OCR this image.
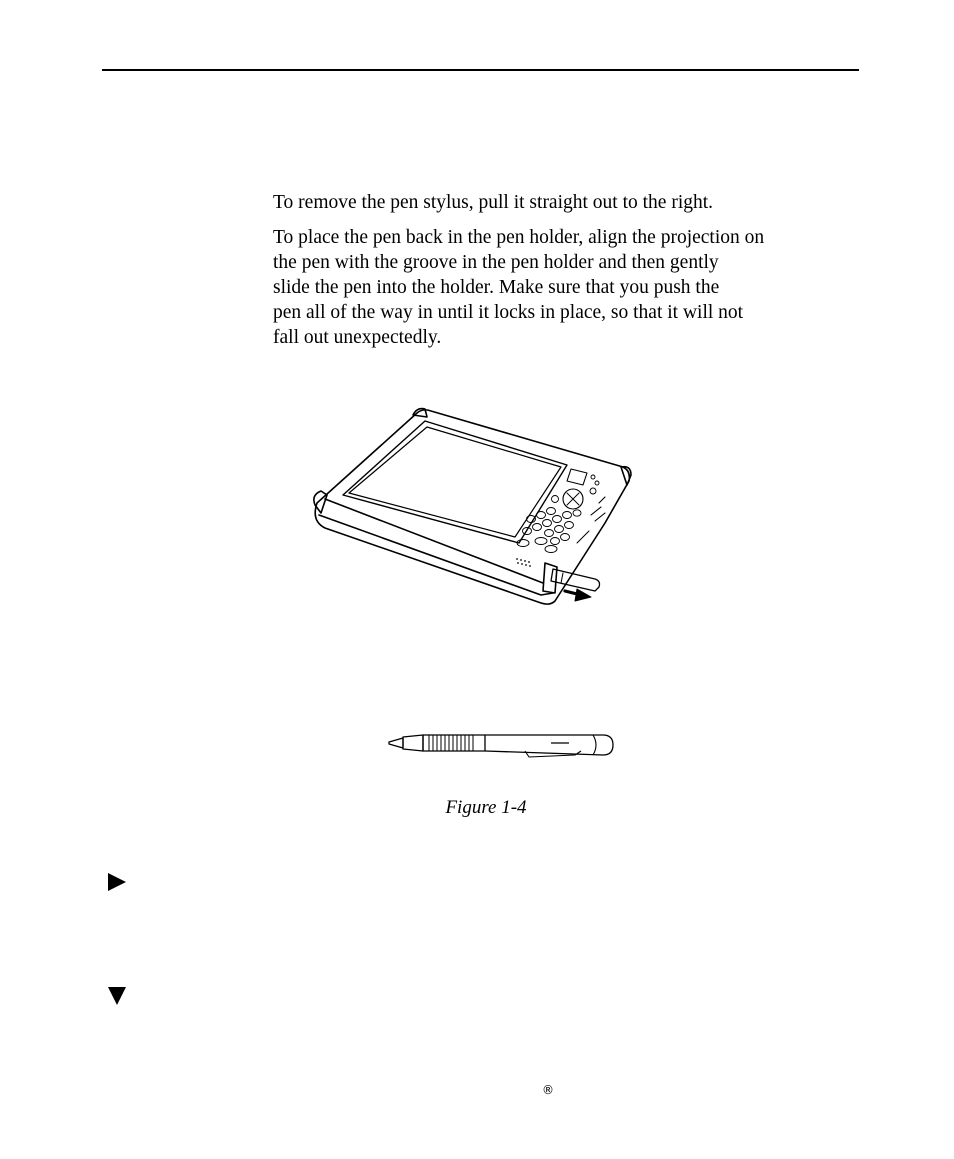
To remove the pen stylus, pull it straight out to the right.

To place the pen back in the pen holder, align the projection on
the pen with the groove in the pen holder and then gently
slide the pen into the holder. Make sure that you push the
pen all of the way in until it locks in place, so that it will not
fall out unexpectedly.

Figure 1-4
®
